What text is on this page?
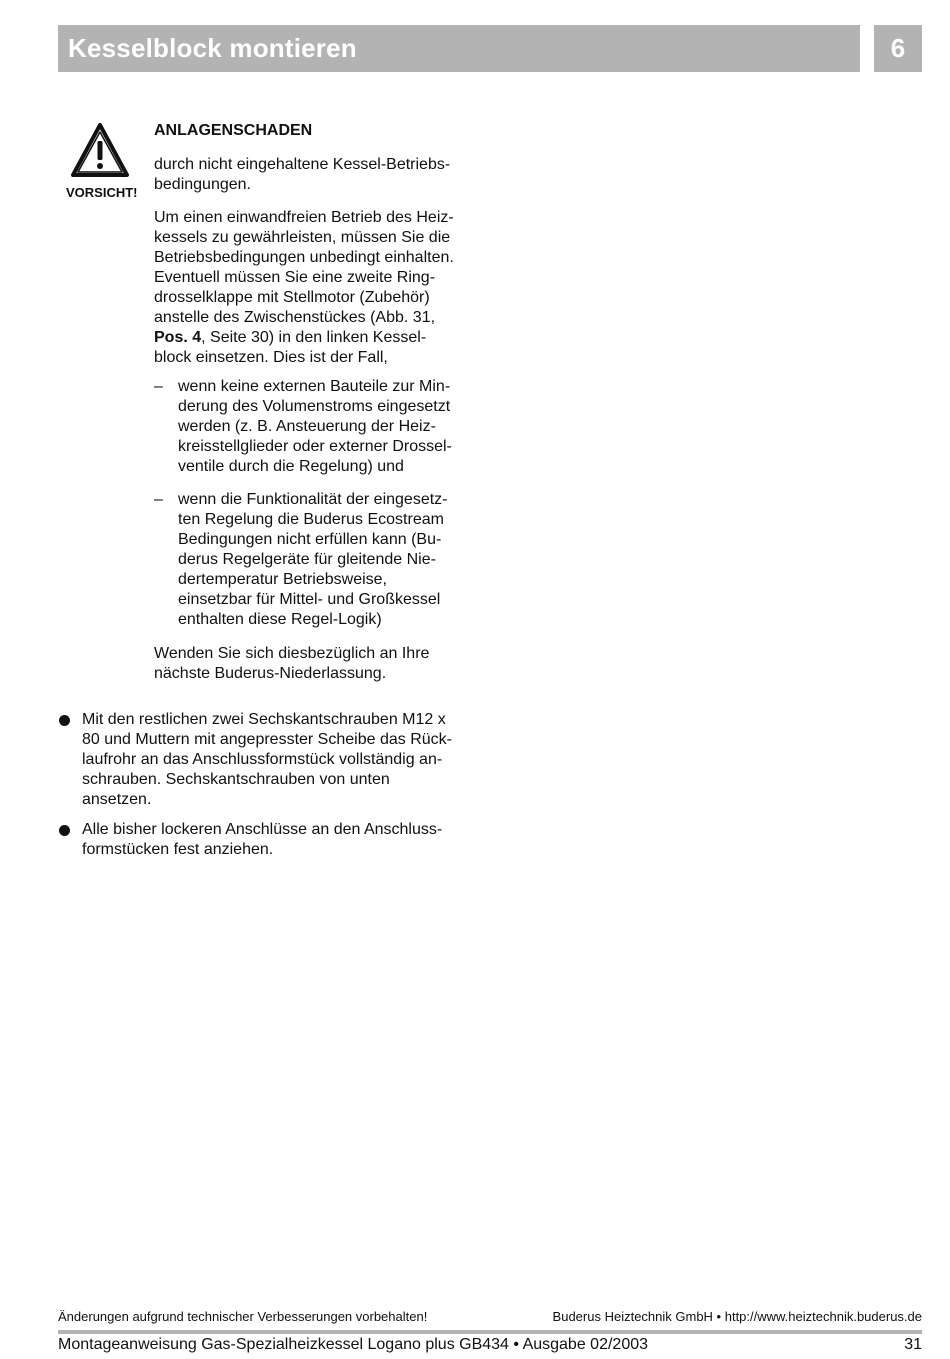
Kesselblock montieren	6
VORSICHT!
ANLAGENSCHADEN
durch nicht eingehaltene Kessel-Betriebs-
bedingungen.
Um einen einwandfreien Betrieb des Heiz-
kessels zu gewährleisten, müssen Sie die
Betriebsbedingungen unbedingt einhalten.
Eventuell müssen Sie eine zweite Ring-
drosselklappe mit Stellmotor (Zubehör)
anstelle des Zwischenstückes (Abb. 31,
Pos. 4, Seite 30) in den linken Kessel-
block einsetzen. Dies ist der Fall,
– wenn keine externen Bauteile zur Min-
derung des Volumenstroms eingesetzt
werden (z. B. Ansteuerung der Heiz-
kreisstellglieder oder externer Drossel-
ventile durch die Regelung) und
– wenn die Funktionalität der eingesetz-
ten Regelung die Buderus Ecostream
Bedingungen nicht erfüllen kann (Bu-
derus Regelgeräte für gleitende Nie-
dertemperatur Betriebsweise,
einsetzbar für Mittel- und Großkessel
enthalten diese Regel-Logik)
Wenden Sie sich diesbezüglich an Ihre
nächste Buderus-Niederlassung.
Mit den restlichen zwei Sechskantschrauben M12 x
80 und Muttern mit angepresster Scheibe das Rück-
laufrohr an das Anschlussformstück vollständig an-
schrauben. Sechskantschrauben von unten
ansetzen.
Alle bisher lockeren Anschlüsse an den Anschluss-
formstücken fest anziehen.
Änderungen aufgrund technischer Verbesserungen vorbehalten!	Buderus Heiztechnik GmbH • http://www.heiztechnik.buderus.de
Montageanweisung Gas-Spezialheizkessel Logano plus GB434 • Ausgabe 02/2003	31
